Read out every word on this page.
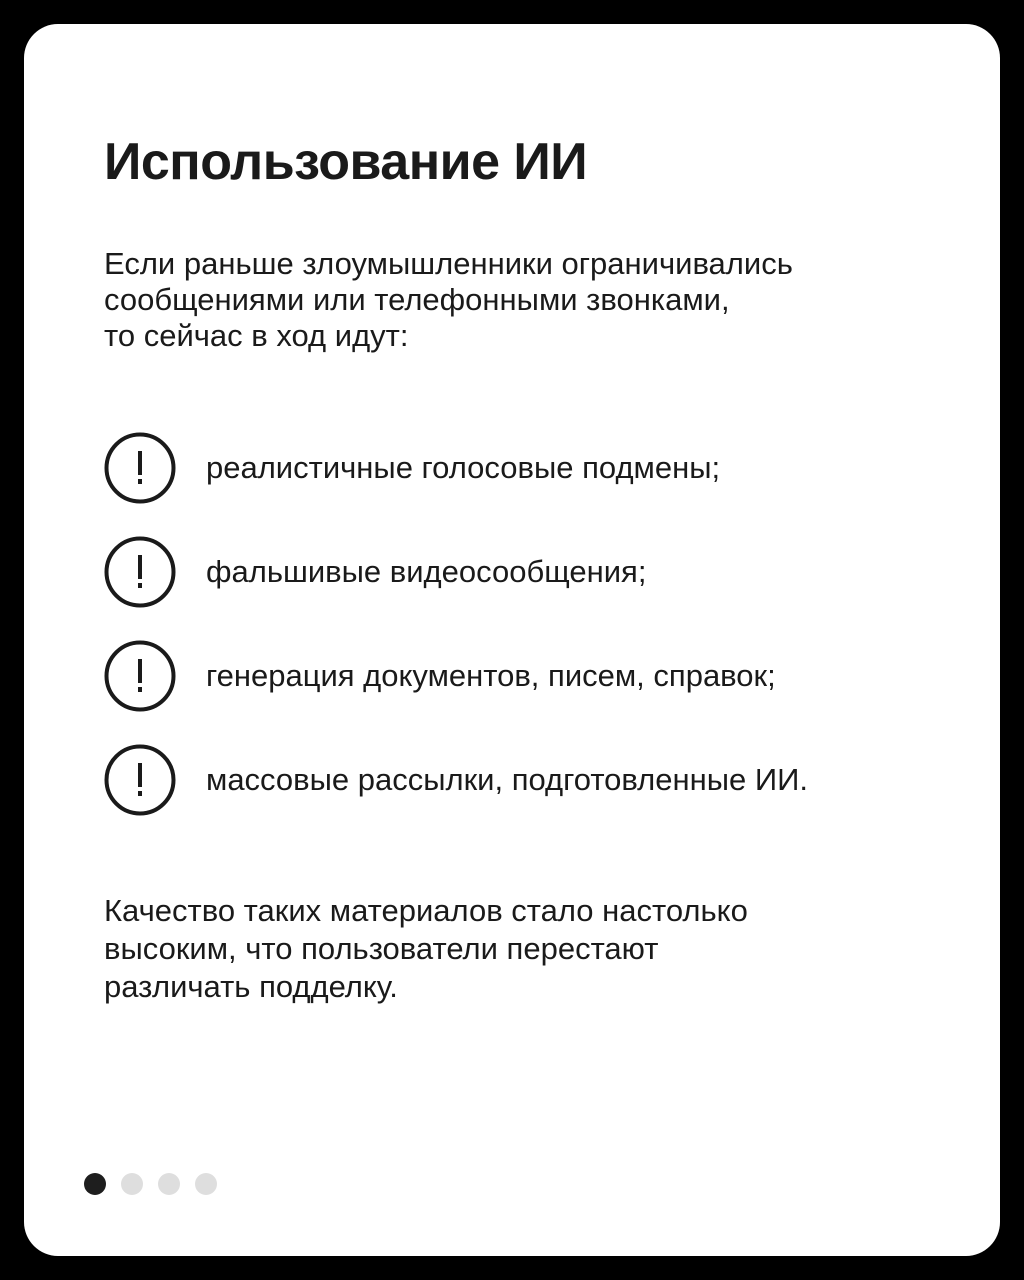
Использование ИИ

Если раньше злоумышленники ограничивались
сообщениями или телефонными звонками,
то сейчас в ход идут:

реалистичные голосовые подмены;
фальшивые видеосообщения;
генерация документов, писем, справок;
массовые рассылки, подготовленные ИИ.

Качество таких материалов стало настолько
высоким, что пользователи перестают
различать подделку.
